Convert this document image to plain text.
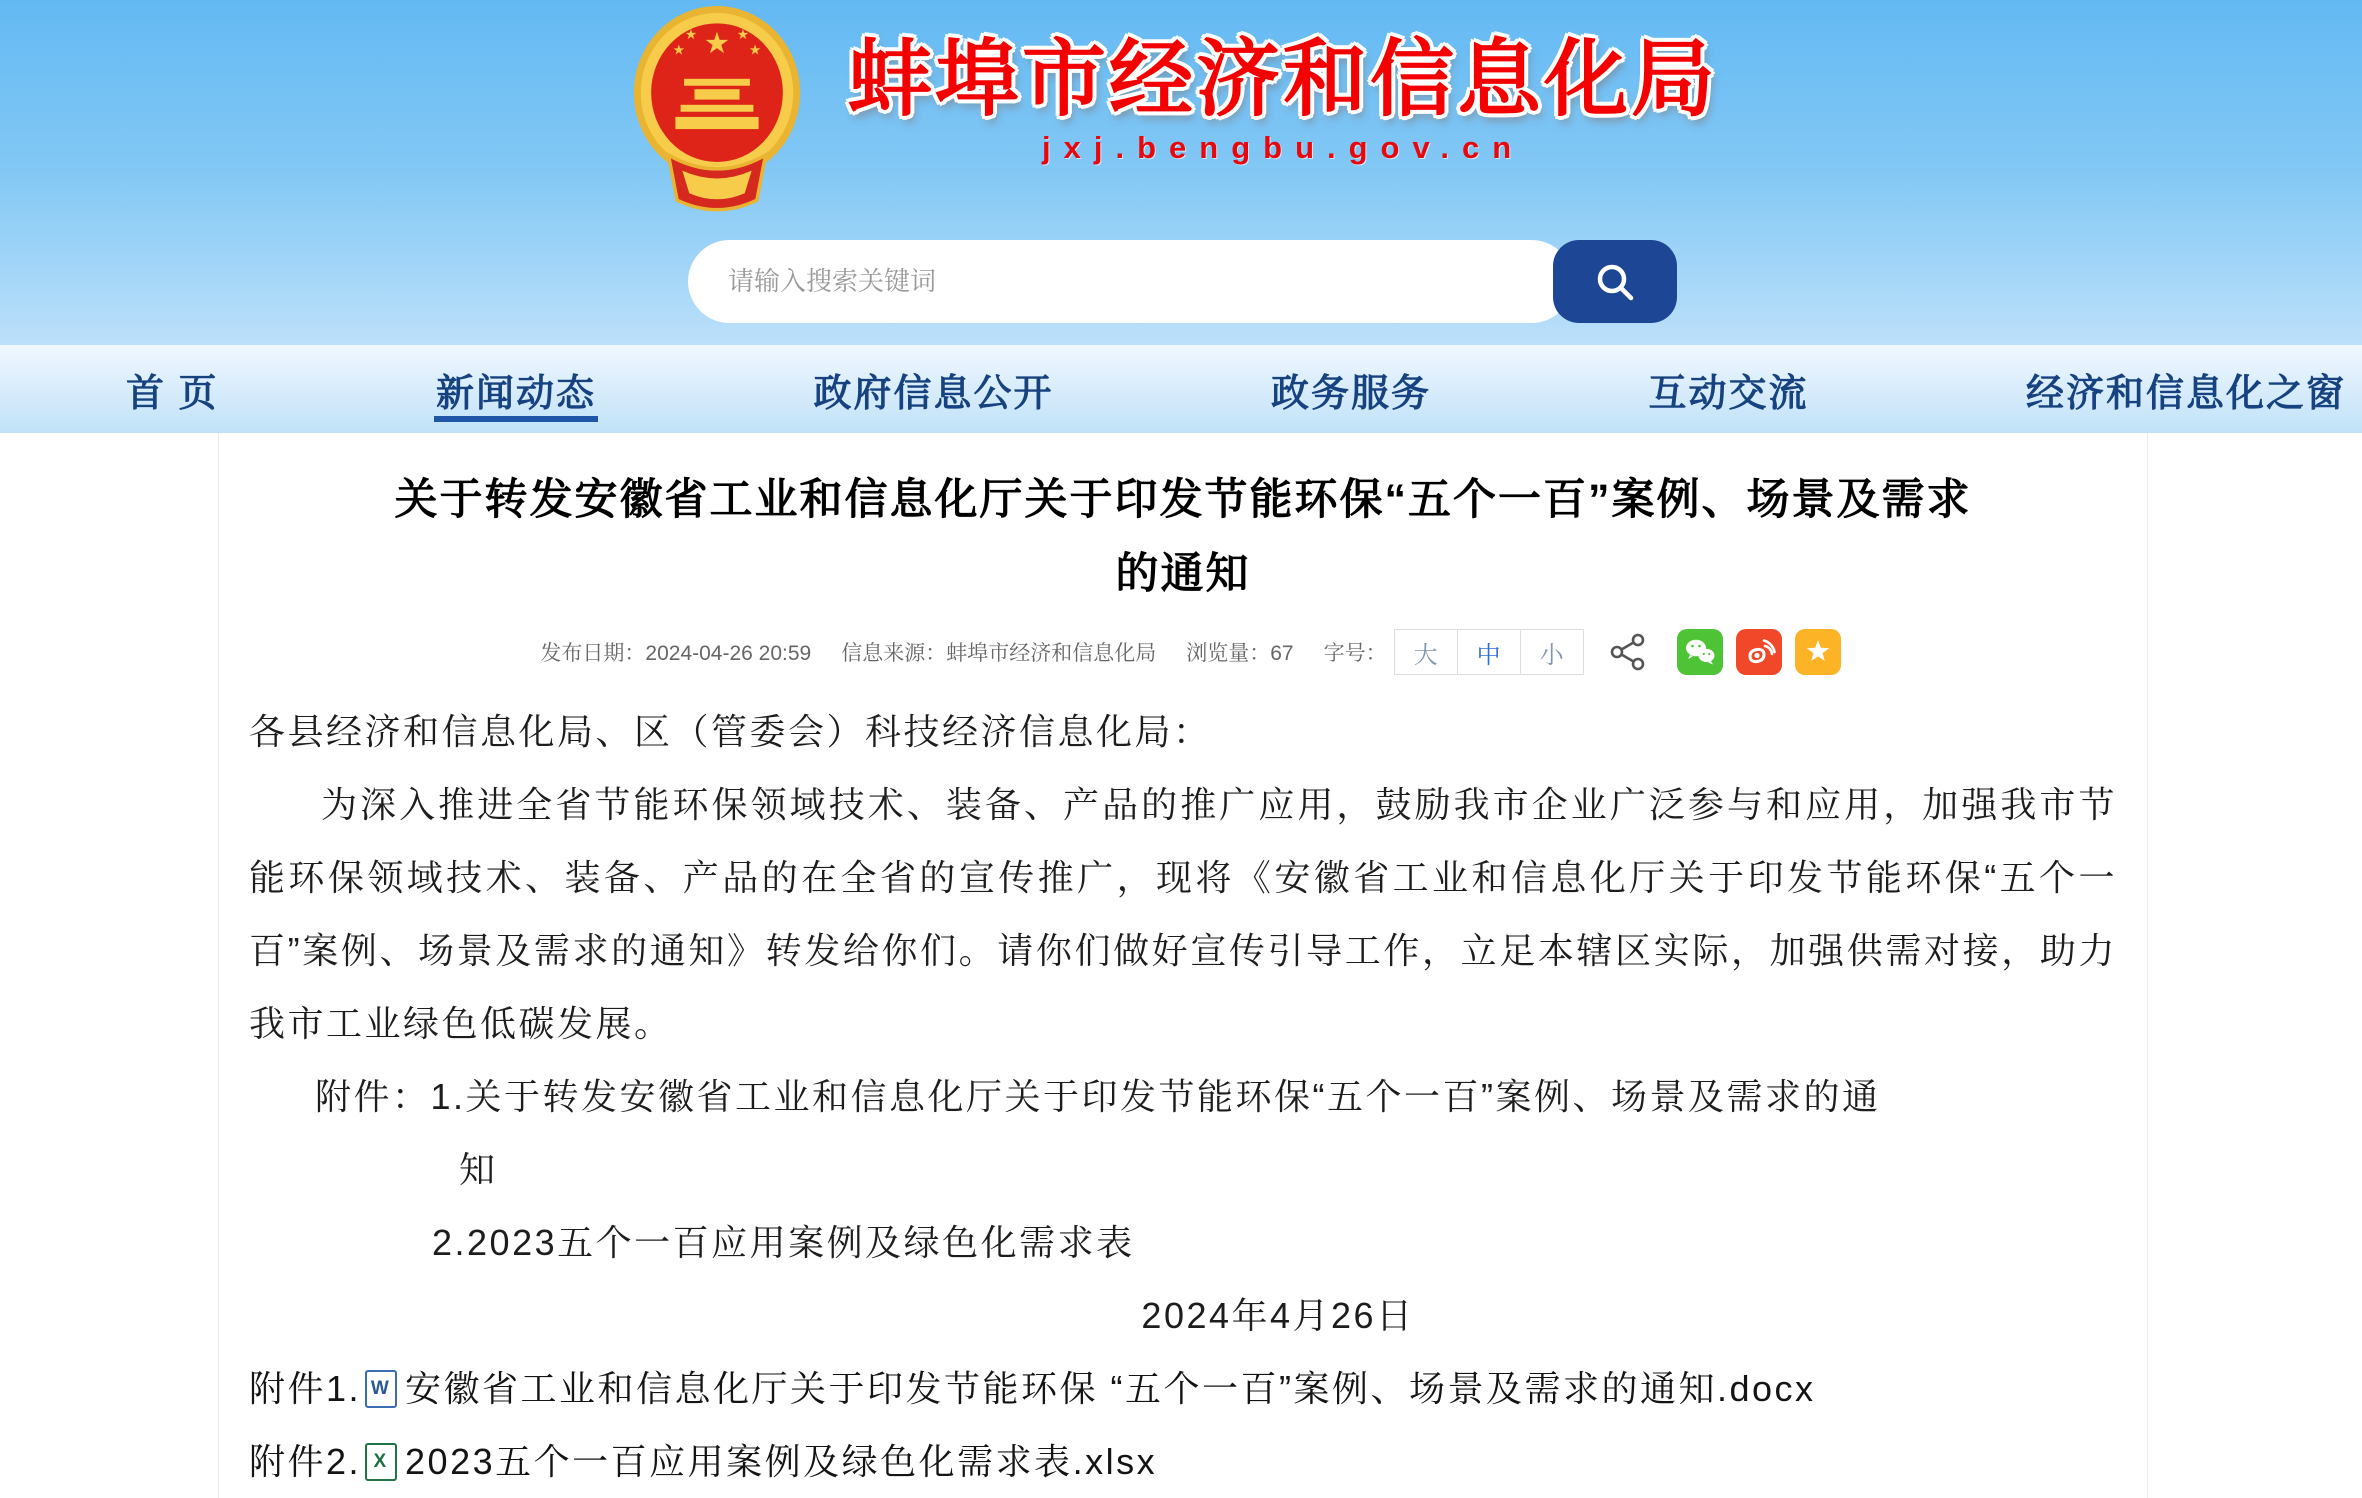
★
★	★
★	★ 蚌埠市经济和信息化局
jxj.bengbu.gov.cn
请输入搜索关键词
首 页	新闻动态	政府信息公开	政务服务	互动交流	经济和信息化之窗
关于转发安徽省工业和信息化厅关于印发节能环保“五个一百”案例、场景及需求
的通知
发布日期：2024-04-26 20:59 信息来源：蚌埠市经济和信息化局 浏览量：67 字号：	大	中	小

各县经济和信息化局、区（管委会）科技经济信息化局：

为深入推进全省节能环保领域技术、装备、产品的推广应用，鼓励我市企业广泛参与和应用，加强我市节能环保领域技术、装备、产品的在全省的宣传推广，现将《安徽省工业和信息化厅关于印发节能环保“五个一百”案例、场景及需求的通知》转发给你们。请你们做好宣传引导工作，立足本辖区实际，加强供需对接，助力我市工业绿色低碳发展。

附件：1.关于转发安徽省工业和信息化厅关于印发节能环保“五个一百”案例、场景及需求的通

知

2.2023五个一百应用案例及绿色化需求表

2024年4月26日

附件1. W 安徽省工业和信息化厅关于印发节能环保 “五个一百”案例、场景及需求的通知.docx
附件2. X 2023五个一百应用案例及绿色化需求表.xlsx
